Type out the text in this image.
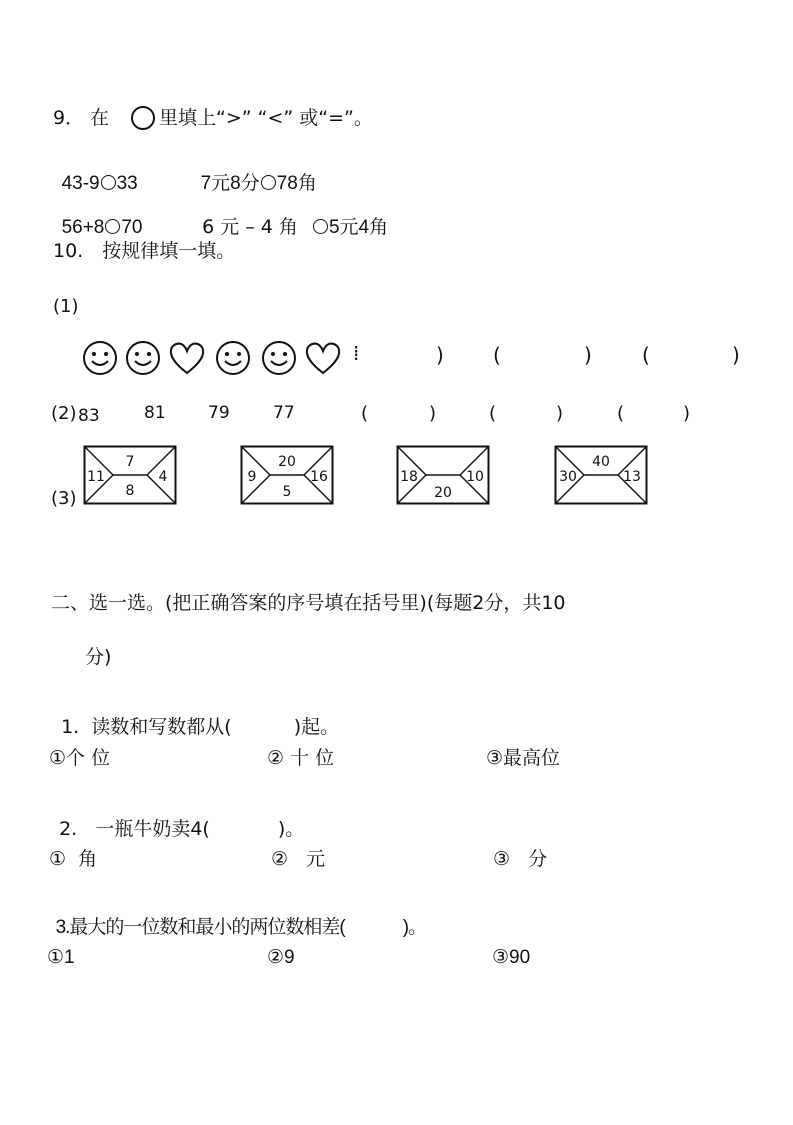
9． 在	里填上“>” “<” 或“=”。

43-9 33	7元8分 78角

56+8 70	6 元 – 4 角 5元4角

10.　按规律填一填。
(1)
⁞	) (	)	(	)
(2) 83	81 79	77	(	)	(	)	(	)
(3)
7
11	4
8
20
9	16
5
18	10
20
40
30	13
二、选一选。(把正确答案的序号填在括号里)(每题2分，共10
分)

1.  读数和写数都从(	)起。

①个 位	② 十 位	③最高位

2.   一瓶牛奶卖4(	)。

①  角	②   元	③   分

3.最大的一位数和最小的两位数相差(	)。

①1	②9	③90
